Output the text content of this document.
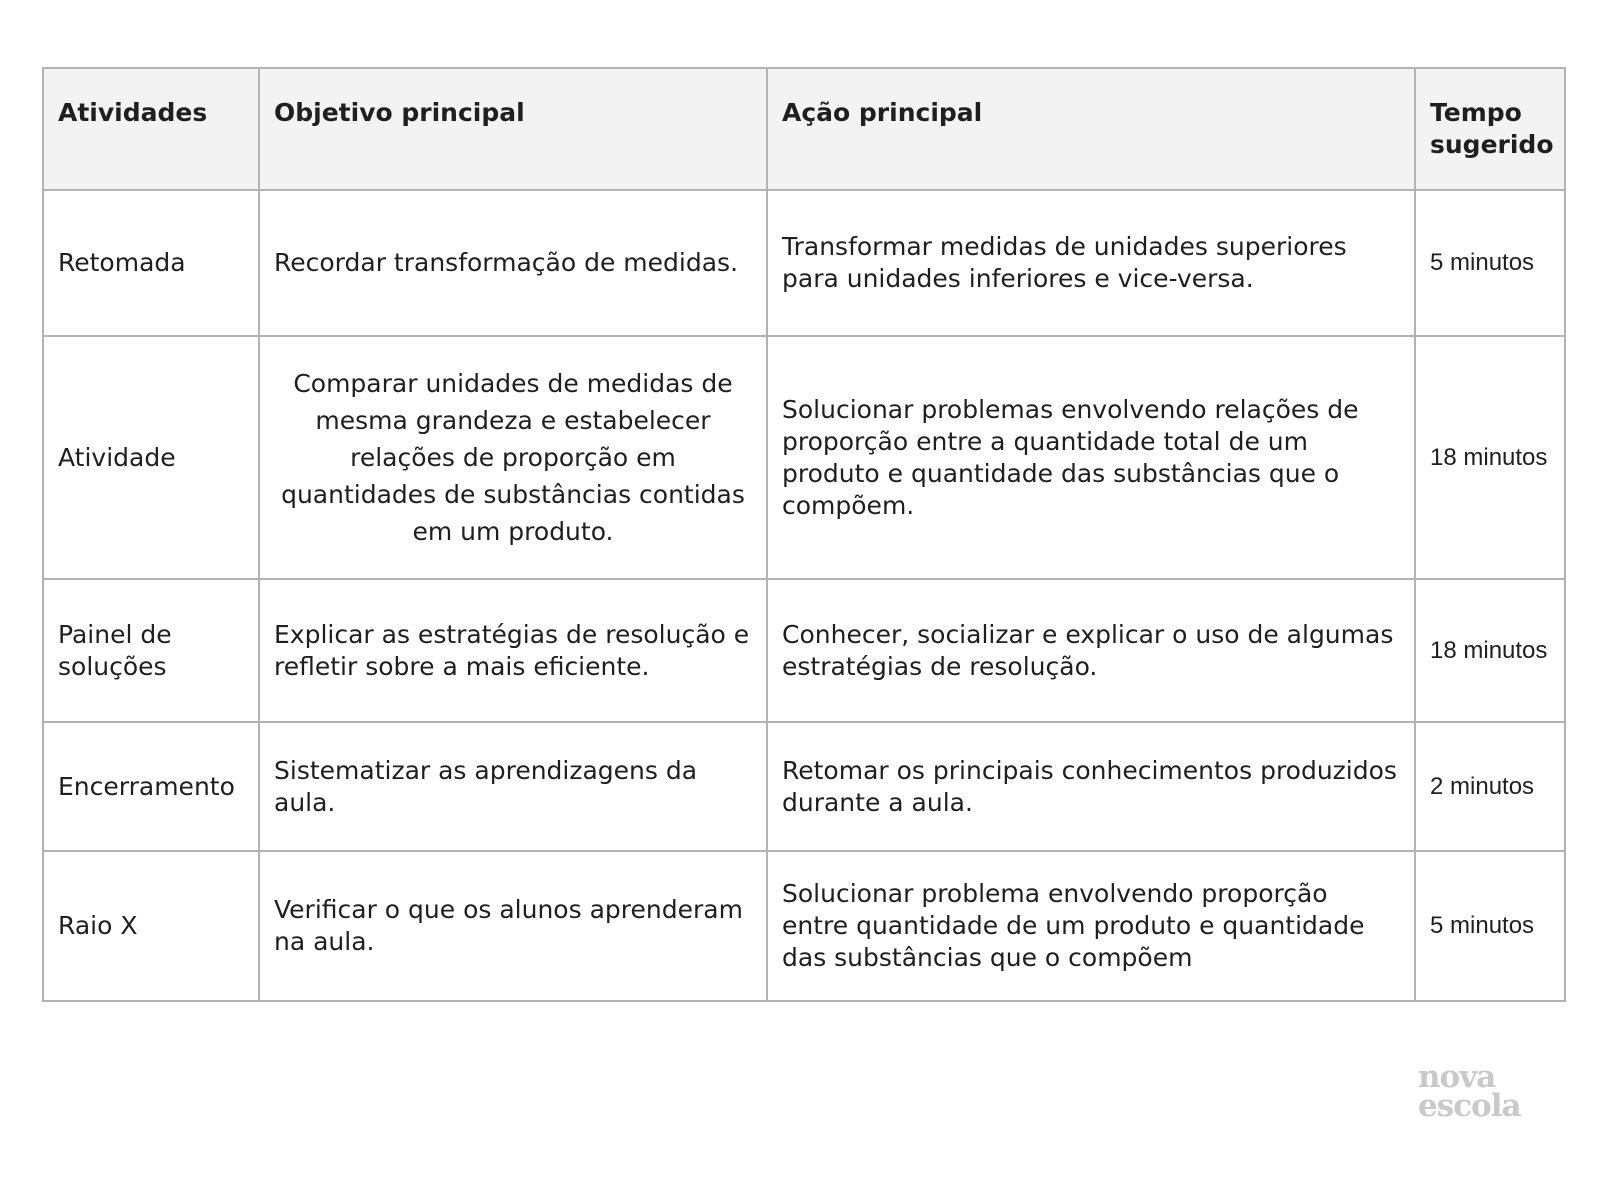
Atividades	Objetivo principal	Ação principal	Tempo sugerido
Retomada	Recordar transformação de medidas.	Transformar medidas de unidades superiores para unidades inferiores e vice-versa.	5 minutos
Atividade	Comparar unidades de medidas de mesma grandeza e estabelecer relações de proporção em quantidades de substâncias contidas em um produto.	Solucionar problemas envolvendo relações de proporção entre a quantidade total de um produto e quantidade das substâncias que o compõem.	18 minutos
Painel de soluções	Explicar as estratégias de resolução e refletir sobre a mais eficiente.	Conhecer, socializar e explicar o uso de algumas estratégias de resolução.	18 minutos
Encerramento	Sistematizar as aprendizagens da aula.	Retomar os principais conhecimentos produzidos durante a aula.	2 minutos
Raio X	Verificar o que os alunos aprenderam na aula.	Solucionar problema envolvendo proporção entre quantidade de um produto e quantidade das substâncias que o compõem	5 minutos
nova
escola
